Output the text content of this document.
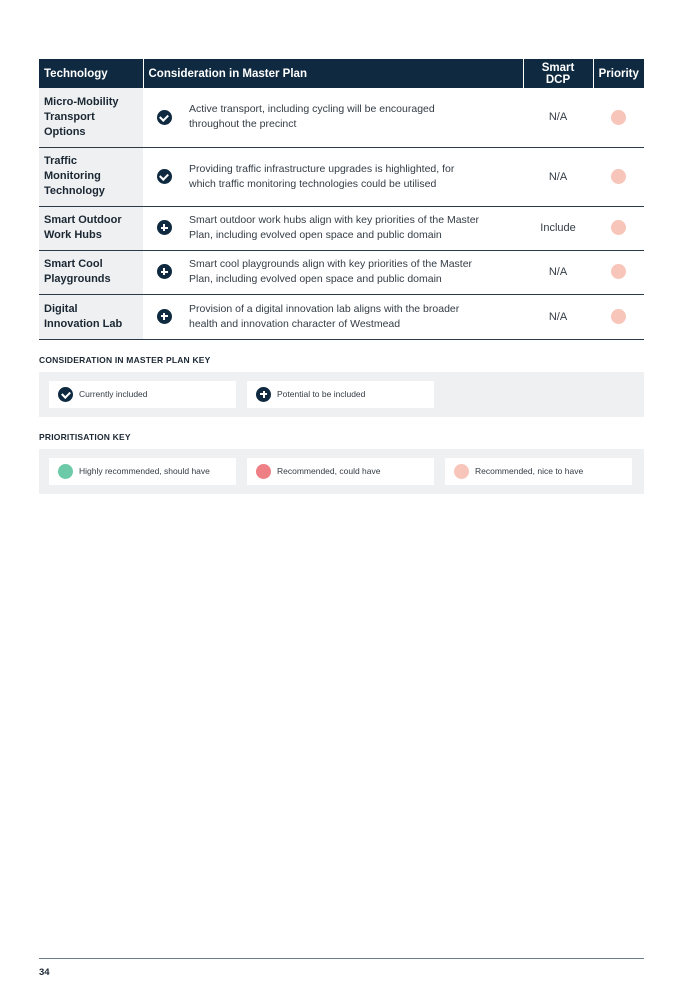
Technology	Consideration in Master Plan		Smart DCP	Priority
Micro-Mobility
Transport
Options		Active transport, including cycling will be encouraged
throughout the precinct	N/A	
Traffic
Monitoring
Technology		Providing traffic infrastructure upgrades is highlighted, for
which traffic monitoring technologies could be utilised	N/A	
Smart Outdoor
Work Hubs		Smart outdoor work hubs align with key priorities of the Master
Plan, including evolved open space and public domain	Include	
Smart Cool
Playgrounds		Smart cool playgrounds align with key priorities of the Master
Plan, including evolved open space and public domain	N/A	
Digital
Innovation Lab		Provision of a digital innovation lab aligns with the broader
health and innovation character of Westmead	N/A	

CONSIDERATION IN MASTER PLAN KEY

Currently included	Potential to be included

PRIORITISATION KEY

Highly recommended, should have	Recommended, could have	Recommended, nice to have
34
